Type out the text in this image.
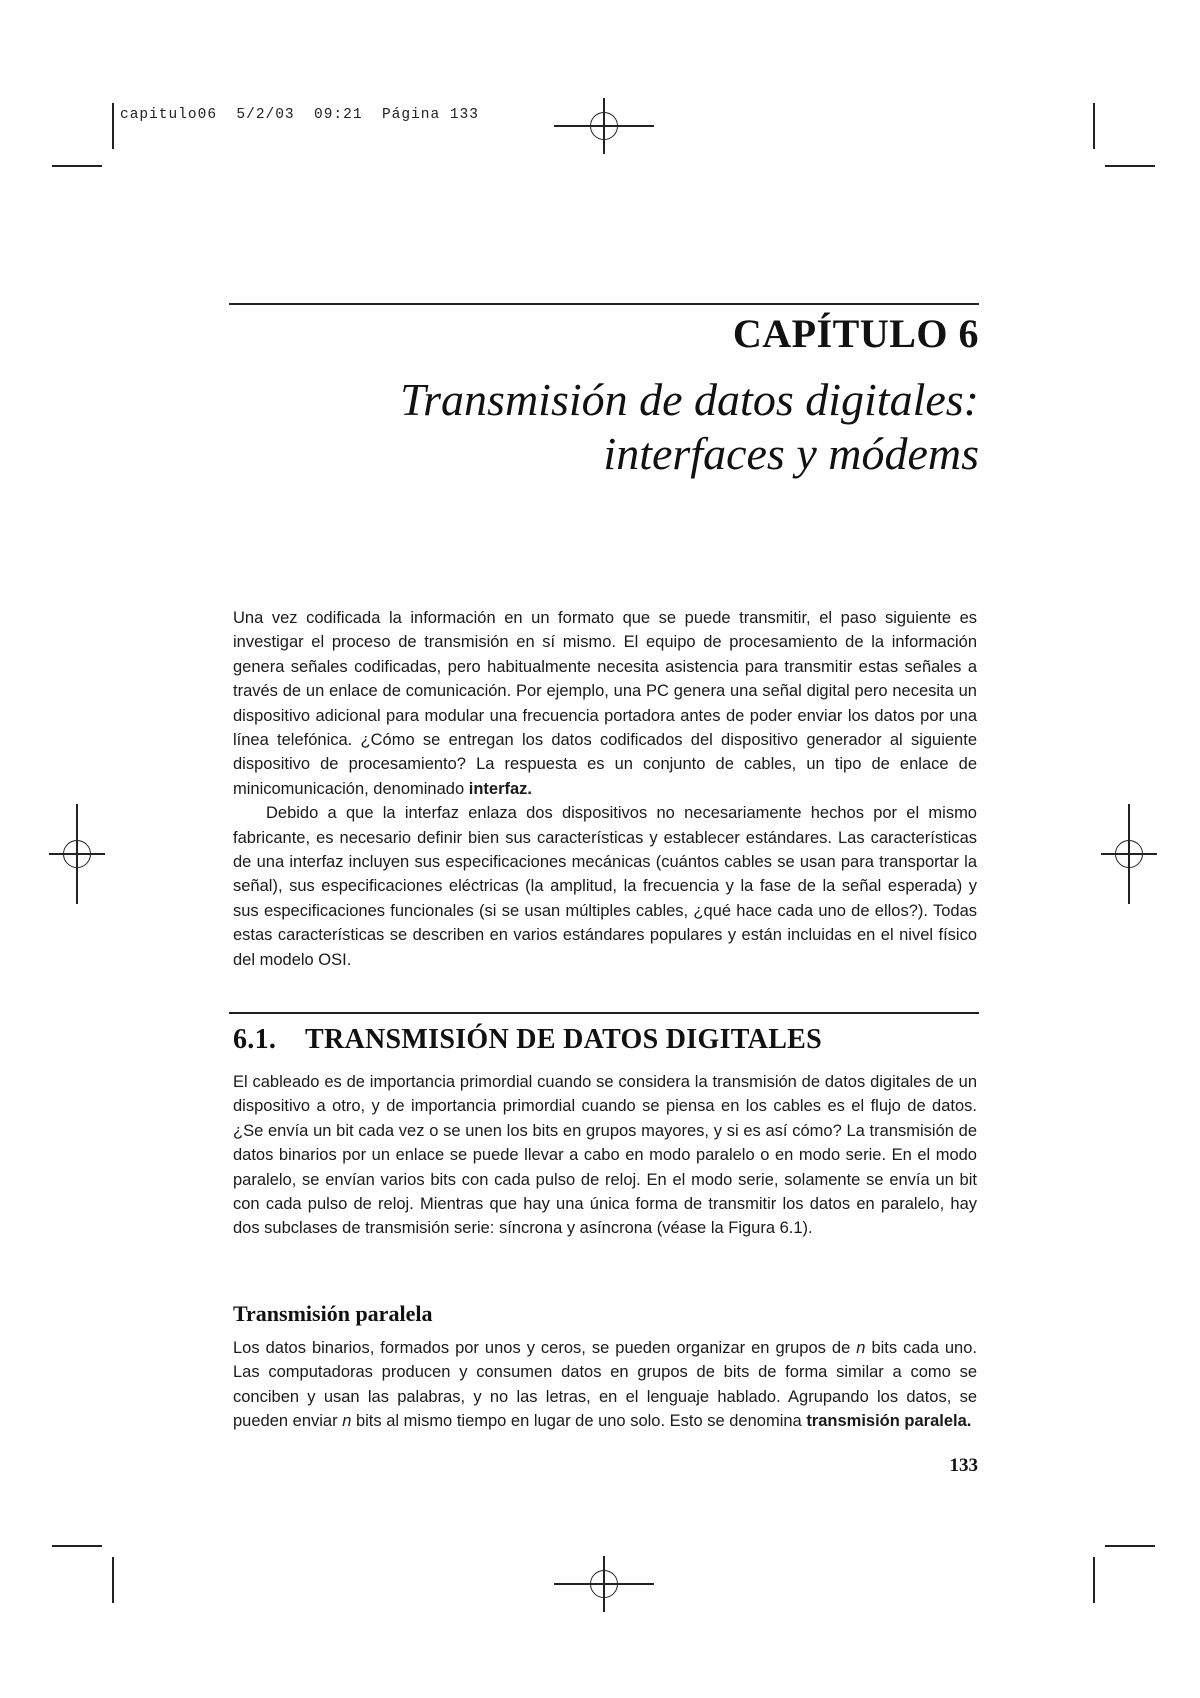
capitulo06  5/2/03  09:21  Página 133
CAPÍTULO 6
Transmisión de datos digitales:
interfaces y módems

Una vez codificada la información en un formato que se puede transmitir, el paso siguiente es investigar el proceso de transmisión en sí mismo. El equipo de procesamiento de la información genera señales codificadas, pero habitualmente necesita asistencia para transmitir estas señales a través de un enlace de comunicación. Por ejemplo, una PC genera una señal digital pero necesita un dispositivo adicional para modular una frecuencia portadora antes de poder enviar los datos por una línea telefónica. ¿Cómo se entregan los datos codificados del dispositivo generador al siguiente dispositivo de procesamiento? La respuesta es un conjunto de cables, un tipo de enlace de minicomunicación, denominado interfaz.

Debido a que la interfaz enlaza dos dispositivos no necesariamente hechos por el mismo fabricante, es necesario definir bien sus características y establecer estándares. Las características de una interfaz incluyen sus especificaciones mecánicas (cuántos cables se usan para transportar la señal), sus especificaciones eléctricas (la amplitud, la frecuencia y la fase de la señal esperada) y sus especificaciones funcionales (si se usan múltiples cables, ¿qué hace cada uno de ellos?). Todas estas características se describen en varios estándares populares y están incluidas en el nivel físico del modelo OSI.

6.1. TRANSMISIÓN DE DATOS DIGITALES

El cableado es de importancia primordial cuando se considera la transmisión de datos digitales de un dispositivo a otro, y de importancia primordial cuando se piensa en los cables es el flujo de datos. ¿Se envía un bit cada vez o se unen los bits en grupos mayores, y si es así cómo? La transmisión de datos binarios por un enlace se puede llevar a cabo en modo paralelo o en modo serie. En el modo paralelo, se envían varios bits con cada pulso de reloj. En el modo serie, solamente se envía un bit con cada pulso de reloj. Mientras que hay una única forma de transmitir los datos en paralelo, hay dos subclases de transmisión serie: síncrona y asíncrona (véase la Figura 6.1).

Transmisión paralela

Los datos binarios, formados por unos y ceros, se pueden organizar en grupos de n bits cada uno. Las computadoras producen y consumen datos en grupos de bits de forma similar a como se conciben y usan las palabras, y no las letras, en el lenguaje hablado. Agrupando los datos, se pueden enviar n bits al mismo tiempo en lugar de uno solo. Esto se denomina transmisión paralela.

133
